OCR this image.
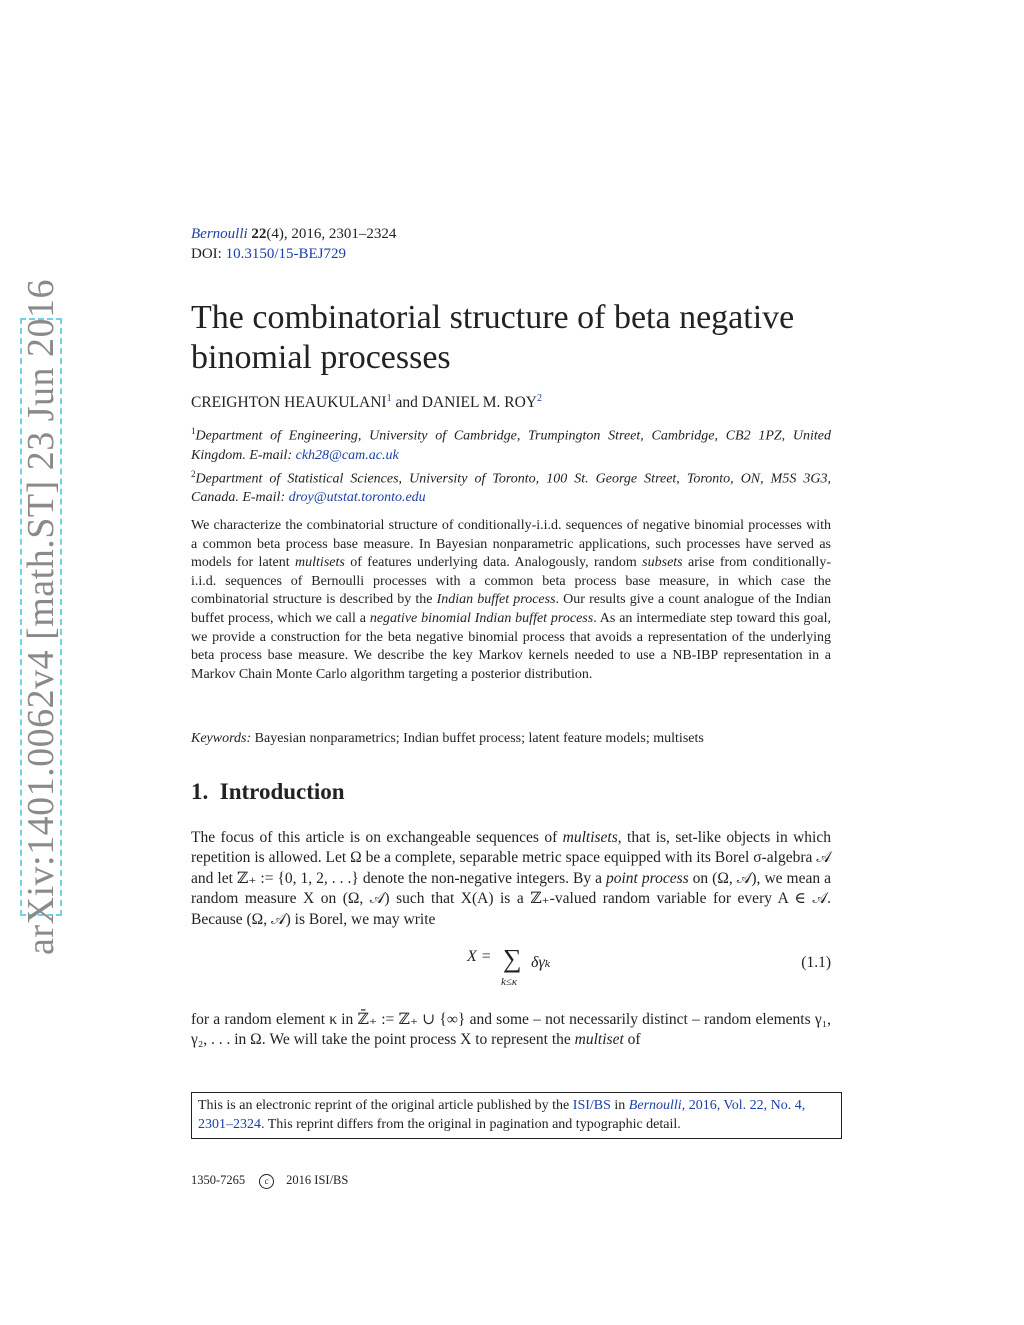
arXiv:1401.0062v4 [math.ST] 23 Jun 2016
Bernoulli 22(4), 2016, 2301–2324
DOI: 10.3150/15-BEJ729
The combinatorial structure of beta negative
binomial processes
CREIGHTON HEAUKULANI$^1$ and DANIEL M. ROY$^2$
$^1$Department of Engineering, University of Cambridge, Trumpington Street, Cambridge, CB2 1PZ, United Kingdom. E-mail: ckh28@cam.ac.uk
$^2$Department of Statistical Sciences, University of Toronto, 100 St. George Street, Toronto, ON, M5S 3G3, Canada. E-mail: droy@utstat.toronto.edu
We characterize the combinatorial structure of conditionally-i.i.d. sequences of negative binomial processes with a common beta process base measure. In Bayesian nonparametric applications, such processes have served as models for latent multisets of features underlying data. Analogously, random subsets arise from conditionally-i.i.d. sequences of Bernoulli processes with a common beta process base measure, in which case the combinatorial structure is described by the Indian buffet process. Our results give a count analogue of the Indian buffet process, which we call a negative binomial Indian buffet process. As an intermediate step toward this goal, we provide a construction for the beta negative binomial process that avoids a representation of the underlying beta process base measure. We describe the key Markov kernels needed to use a NB-IBP representation in a Markov Chain Monte Carlo algorithm targeting a posterior distribution.
Keywords: Bayesian nonparametrics; Indian buffet process; latent feature models; multisets
1. Introduction
The focus of this article is on exchangeable sequences of multisets, that is, set-like objects in which repetition is allowed. Let Ω be a complete, separable metric space equipped with its Borel σ-algebra 𝒜 and let ℤ₊ := {0, 1, 2, . . .} denote the non-negative integers. By a point process on (Ω, 𝒜), we mean a random measure X on (Ω, 𝒜) such that X(A) is a ℤ₊-valued random variable for every A ∈ 𝒜. Because (Ω, 𝒜) is Borel, we may write
X = ∑
k≤κ
δγₖ	(1.1)
for a random element κ in ℤ̄₊ := ℤ₊ ∪ {∞} and some – not necessarily distinct – random elements γ₁, γ₂, . . . in Ω. We will take the point process X to represent the multiset of
This is an electronic reprint of the original article published by the ISI/BS in Bernoulli, 2016, Vol. 22, No. 4, 2301–2324. This reprint differs from the original in pagination and typographic detail.
1350-7265 c 2016 ISI/BS
